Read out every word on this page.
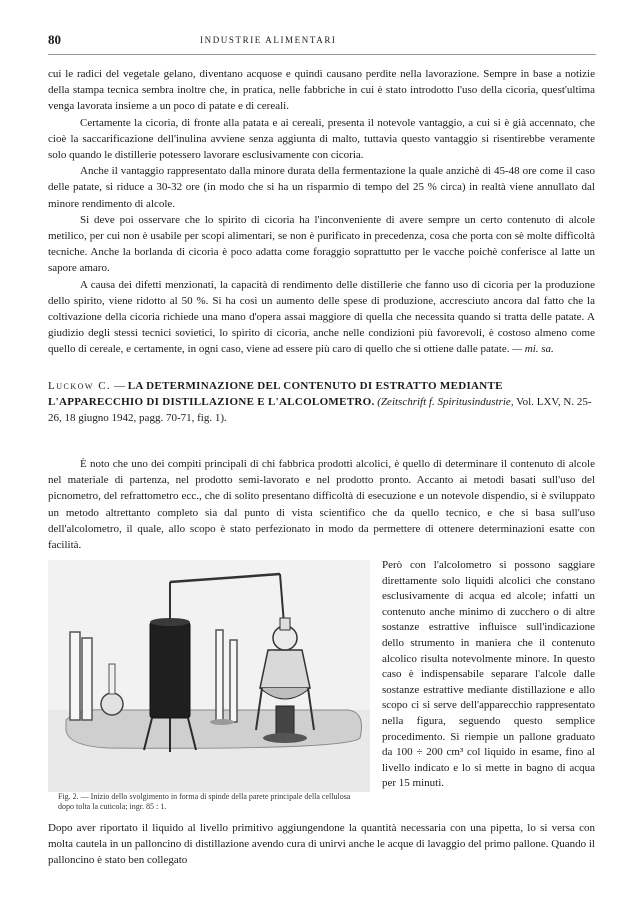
80	INDUSTRIE ALIMENTARI

cui le radici del vegetale gelano, diventano acquose e quindi causano perdite nella lavorazione. Sempre in base a notizie della stampa tecnica sembra inoltre che, in pratica, nelle fabbriche in cui è stato introdotto l'uso della cicoria, quest'ultima venga lavorata insieme a un poco di patate e di cereali.

Certamente la cicoria, di fronte alla patata e ai cereali, presenta il notevole vantaggio, a cui si è già accennato, che cioè la saccarificazione dell'inulina avviene senza aggiunta di malto, tuttavia questo vantaggio si risentirebbe veramente solo quando le distillerie potessero lavorare esclusivamente con cicoria.

Anche il vantaggio rappresentato dalla minore durata della fermentazione la quale anzichè di 45-48 ore come il caso delle patate, si riduce a 30-32 ore (in modo che si ha un risparmio di tempo del 25 % circa) in realtà viene annullato dal minore rendimento di alcole.

Si deve poi osservare che lo spirito di cicoria ha l'inconveniente di avere sempre un certo contenuto di alcole metilico, per cui non è usabile per scopi alimentari, se non è purificato in precedenza, cosa che porta con sè molte difficoltà tecniche. Anche la borlanda di cicoria è poco adatta come foraggio soprattutto per le vacche poichè conferisce al latte un sapore amaro.

A causa dei difetti menzionati, la capacità di rendimento delle distillerie che fanno uso di cicoria per la produzione dello spirito, viene ridotto al 50 %. Si ha così un aumento delle spese di produzione, accresciuto ancora dal fatto che la coltivazione della cicoria richiede una mano d'opera assai maggiore di quella che necessita quando si tratta delle patate. A giudizio degli stessi tecnici sovietici, lo spirito di cicoria, anche nelle condizioni più favorevoli, è costoso almeno come quello di cereale, e certamente, in ogni caso, viene ad essere più caro di quello che si ottiene dalle patate. — mi. sa.

Luckow C. — LA DETERMINAZIONE DEL CONTENUTO DI ESTRATTO MEDIANTE L'APPARECCHIO DI DISTILLAZIONE E L'ALCOLOMETRO. (Zeitschrift f. Spiritusindustrie, Vol. LXV, N. 25-26, 18 giugno 1942, pagg. 70-71, fig. 1).

È noto che uno dei compiti principali di chi fabbrica prodotti alcolici, è quello di determinare il contenuto di alcole nel materiale di partenza, nel prodotto semi-lavorato e nel prodotto pronto. Accanto ai metodi basati sull'uso del picnometro, del refrattometro ecc., che di solito presentano difficoltà di esecuzione e un notevole dispendio, si è sviluppato un metodo altrettanto completo sia dal punto di vista scientifico che da quello tecnico, e che si basa sull'uso dell'alcolometro, il quale, allo scopo è stato perfezionato in modo da permettere di ottenere determinazioni esatte con facilità.

Fig. 2. — Inizio dello svolgimento in forma di spinde della parete principale della cellulosa dopo tolta la cuticola; ingr. 85 : 1.

Però con l'alcolometro si possono saggiare direttamente solo liquidi alcolici che constano esclusivamente di acqua ed alcole; infatti un contenuto anche minimo di zucchero o di altre sostanze estrattive influisce sull'indicazione dello strumento in maniera che il contenuto alcolico risulta notevolmente minore. In questo caso è indispensabile separare l'alcole dalle sostanze estrattive mediante distillazione e allo scopo ci si serve dell'apparecchio rappresentato nella figura, seguendo questo semplice procedimento. Si riempie un pallone graduato da 100 ÷ 200 cm³ col liquido in esame, fino al livello indicato e lo si mette in bagno di acqua per 15 minuti.

Dopo aver riportato il liquido al livello primitivo aggiungendone la quantità necessaria con una pipetta, lo si versa con molta cautela in un palloncino di distillazione avendo cura di unirvi anche le acque di lavaggio del primo pallone. Quando il palloncino è stato ben collegato
